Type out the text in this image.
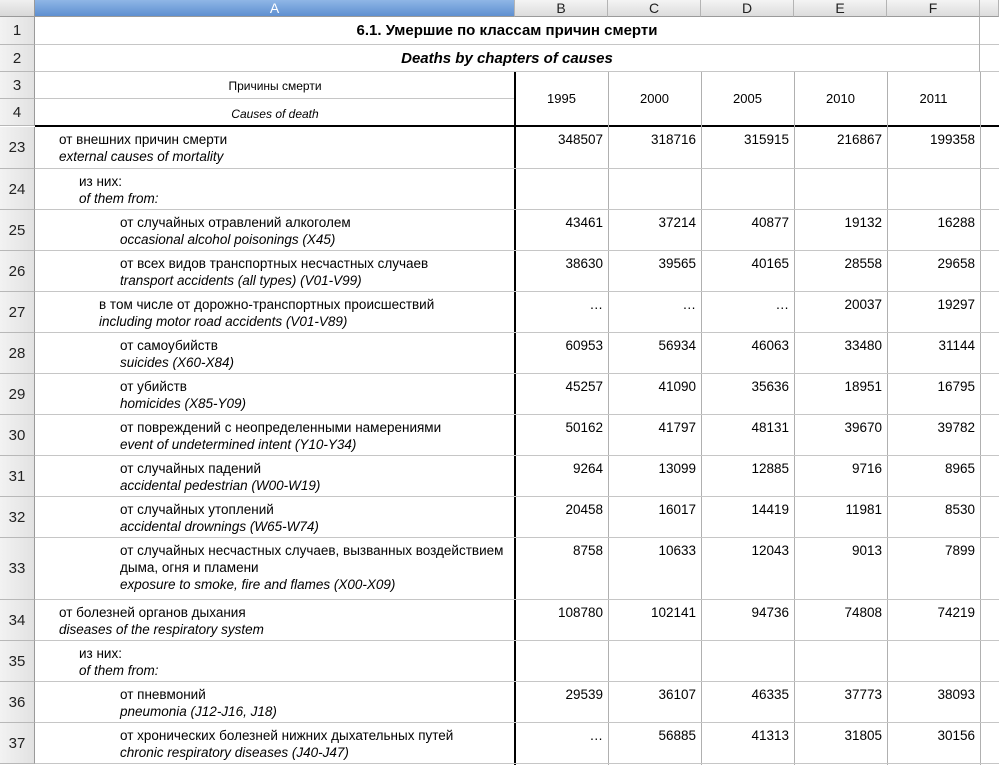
A	B	C	D	E	F
1
2
3
4
6.1. Умершие по классам причин смерти
Deaths by chapters of causes
Причины смерти
Causes of death
1995	2000	2005	2010	2011
23	от внешних причин смерти
external causes of mortality
348507	318716	315915	216867	199358
24	из них:
of them from:
25	от случайных отравлений алкоголем
occasional alcohol poisonings (X45)
43461	37214	40877	19132	16288
26	от всех видов транспортных несчастных случаев
transport accidents (all types) (V01-V99)
38630	39565	40165	28558	29658
27	в том числе от дорожно-транспортных происшествий
including motor road accidents (V01-V89)
…	…	…	20037	19297
28	от самоубийств
suicides (X60-X84)
60953	56934	46063	33480	31144
29	от убийств
homicides (X85-Y09)
45257	41090	35636	18951	16795
30	от повреждений с неопределенными намерениями
event of undetermined intent (Y10-Y34)
50162	41797	48131	39670	39782
31	от случайных падений
accidental pedestrian (W00-W19)
9264	13099	12885	9716	8965
32	от случайных утоплений
accidental drownings (W65-W74)
20458	16017	14419	11981	8530
33
от случайных несчастных случаев, вызванных воздействием
дыма, огня и пламени
exposure to smoke, fire and flames (X00-X09)
8758	10633	12043	9013	7899
34	от болезней органов дыхания
diseases of the respiratory system
108780	102141	94736	74808	74219
35	из них:
of them from:
36	от пневмоний
pneumonia (J12-J16, J18)
29539	36107	46335	37773	38093
37	от хронических болезней нижних дыхательных путей
chronic respiratory diseases (J40-J47)
…	56885	41313	31805	30156
